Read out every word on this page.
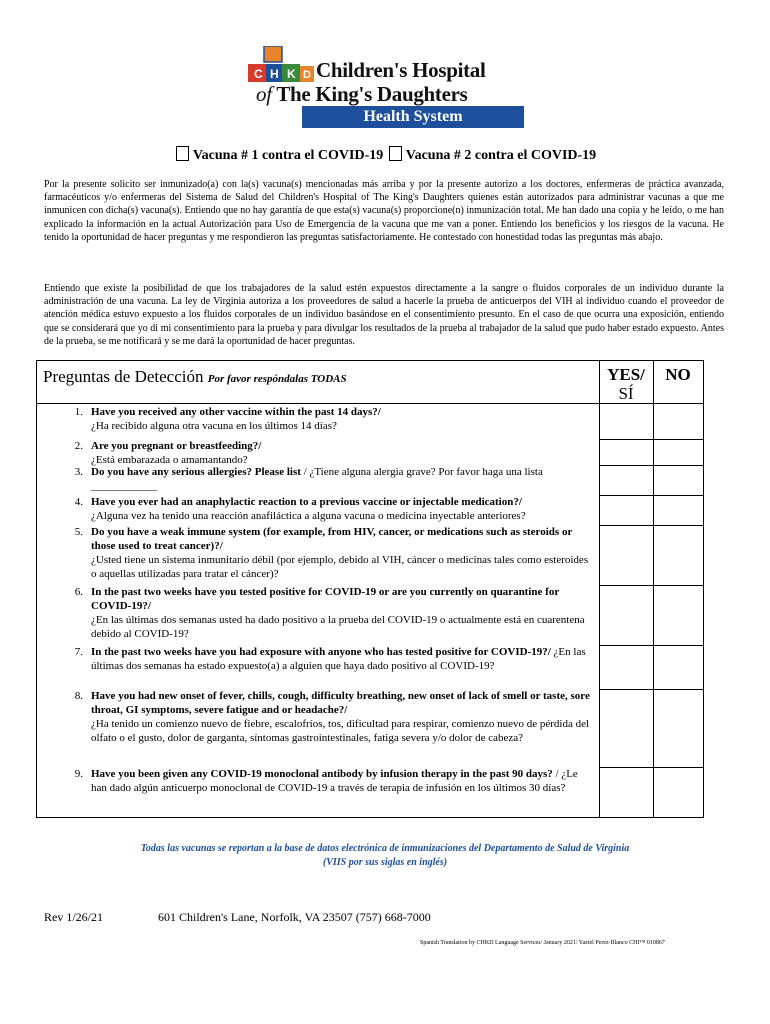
C H K D Children's Hospital
of The King's Daughters
Health System
Vacuna # 1 contra el COVID-19 Vacuna # 2 contra el COVID-19
Por la presente solicito ser inmunizado(a) con la(s) vacuna(s) mencionadas más arriba y por la presente autorizo a los doctores, enfermeras de práctica avanzada, farmacéuticos y/o enfermeras del Sistema de Salud del Children's Hospital of The King's Daughters quienes están autorizados para administrar vacunas a que me inmunicen con dicha(s) vacuna(s). Entiendo que no hay garantía de que esta(s) vacuna(s) proporcione(n) inmunización total. Me han dado una copia y he leído, o me han explicado la información en la actual Autorización para Uso de Emergencia de la vacuna que me van a poner. Entiendo los beneficios y los riesgos de la vacuna. He tenido la oportunidad de hacer preguntas y me respondieron las preguntas satisfactoriamente. He contestado con honestidad todas las preguntas más abajo.
Entiendo que existe la posibilidad de que los trabajadores de la salud estén expuestos directamente a la sangre o fluidos corporales de un individuo durante la administración de una vacuna. La ley de Virginia autoriza a los proveedores de salud a hacerle la prueba de anticuerpos del VIH al individuo cuando el proveedor de atención médica estuvo expuesto a los fluidos corporales de un individuo basándose en el consentimiento presunto. En el caso de que ocurra una exposición, entiendo que se considerará que yo di mi consentimiento para la prueba y para divulgar los resultados de la prueba al trabajador de la salud que pudo haber estado expuesto. Antes de la prueba, se me notificará y se me dará la oportunidad de hacer preguntas.
Preguntas de Detección Por favor respóndalas TODAS	YES/
SÍ
NO
1. Have you received any other vaccine within the past 14 days?/
¿Ha recibido alguna otra vacuna en los últimos 14 días?
2. Are you pregnant or breastfeeding?/
¿Está embarazada o amamantando?
3. Do you have any serious allergies? Please list / ¿Tiene alguna alergia grave? Por favor haga una lista ____________
4. Have you ever had an anaphylactic reaction to a previous vaccine or injectable medication?/
¿Alguna vez ha tenido una reacción anafiláctica a alguna vacuna o medicina inyectable anteriores?
5. Do you have a weak immune system (for example, from HIV, cancer, or medications such as steroids or those used to treat cancer)?/
¿Usted tiene un sistema inmunitario débil (por ejemplo, debido al VIH, cáncer o medicinas tales como esteroides o aquellas utilizadas para tratar el cáncer)?
6. In the past two weeks have you tested positive for COVID-19 or are you currently on quarantine for COVID-19?/
¿En las últimas dos semanas usted ha dado positivo a la prueba del COVID-19 o actualmente está en cuarentena debido al COVID-19?
7. In the past two weeks have you had exposure with anyone who has tested positive for COVID-19?/ ¿En las últimas dos semanas ha estado expuesto(a) a alguien que haya dado positivo al COVID-19?
8. Have you had new onset of fever, chills, cough, difficulty breathing, new onset of lack of smell or taste, sore throat, GI symptoms, severe fatigue and or headache?/
¿Ha tenido un comienzo nuevo de fiebre, escalofríos, tos, dificultad para respirar, comienzo nuevo de pérdida del olfato o el gusto, dolor de garganta, síntomas gastrointestinales, fatiga severa y/o dolor de cabeza?
9. Have you been given any COVID-19 monoclonal antibody by infusion therapy in the past 90 days? / ¿Le han dado algún anticuerpo monoclonal de COVID-19 a través de terapia de infusión en los últimos 30 días?
Todas las vacunas se reportan a la base de datos electrónica de inmunizaciones del Departamento de Salud de Virginia
(VIIS por sus siglas en inglés)
Rev 1/26/21	601 Children's Lane, Norfolk, VA 23507 (757) 668-7000
Spanish Translation by CHKD Language Services/ January 2021/ Yaziel Perez-Blanco CHI™ 010867
